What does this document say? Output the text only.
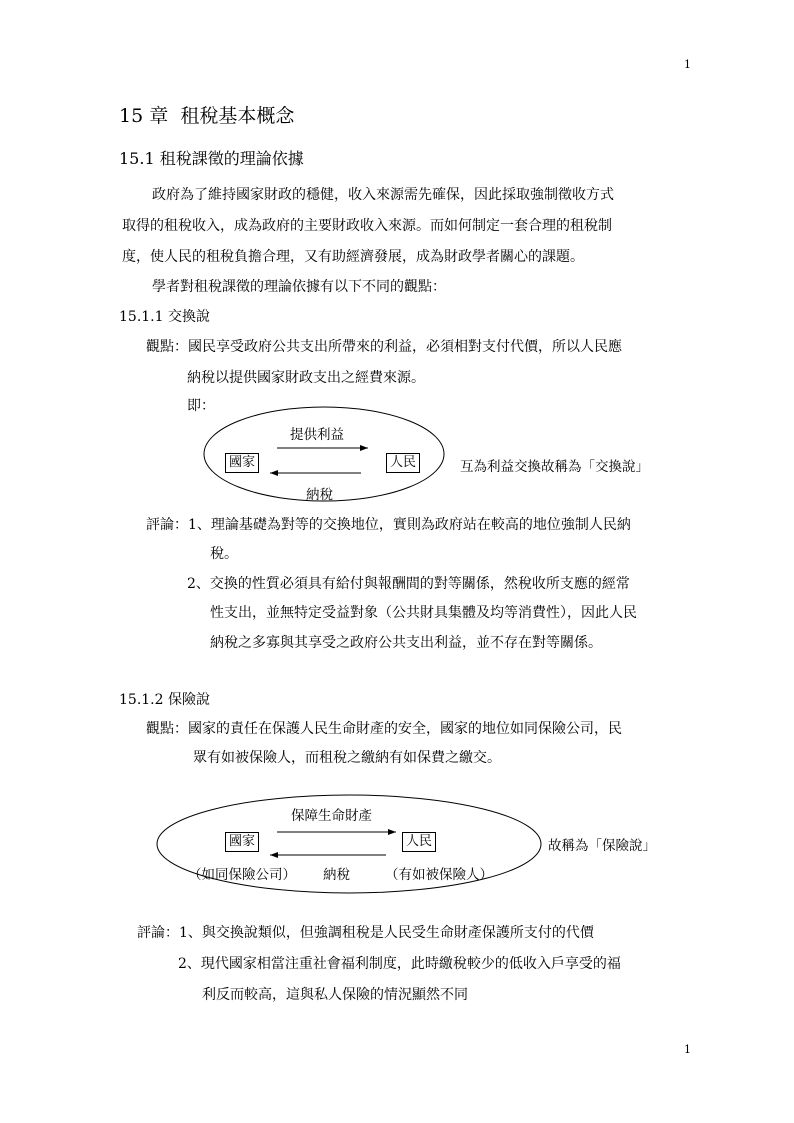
1
1
15 章 租稅基本概念
15.1 租稅課徵的理論依據
政府為了維持國家財政的穩健，收入來源需先確保，因此採取強制徵收方式
取得的租稅收入，成為政府的主要財政收入來源。而如何制定一套合理的租稅制
度，使人民的租稅負擔合理，又有助經濟發展，成為財政學者關心的課題。
學者對租稅課徵的理論依據有以下不同的觀點：
15.1.1 交換說
觀點：國民享受政府公共支出所帶來的利益，必須相對支付代價，所以人民應
納稅以提供國家財政支出之經費來源。
即：
提供利益
國家	人民
納稅
互為利益交換故稱為「交換說」
評論：1、理論基礎為對等的交換地位，實則為政府站在較高的地位強制人民納
稅。
2、交換的性質必須具有給付與報酬間的對等關係，然稅收所支應的經常
性支出，並無特定受益對象（公共財具集體及均等消費性），因此人民
納稅之多寡與其享受之政府公共支出利益，並不存在對等關係。
15.1.2 保險說
觀點：國家的責任在保護人民生命財產的安全，國家的地位如同保險公司，民
眾有如被保險人，而租稅之繳納有如保費之繳交。
保障生命財產
國家	人民
（如同保險公司） 納稅	（有如被保險人）
故稱為「保險說」
評論：1、與交換說類似，但強調租稅是人民受生命財產保護所支付的代價
2、現代國家相當注重社會福利制度，此時繳稅較少的低收入戶享受的福
利反而較高，這與私人保險的情況顯然不同
